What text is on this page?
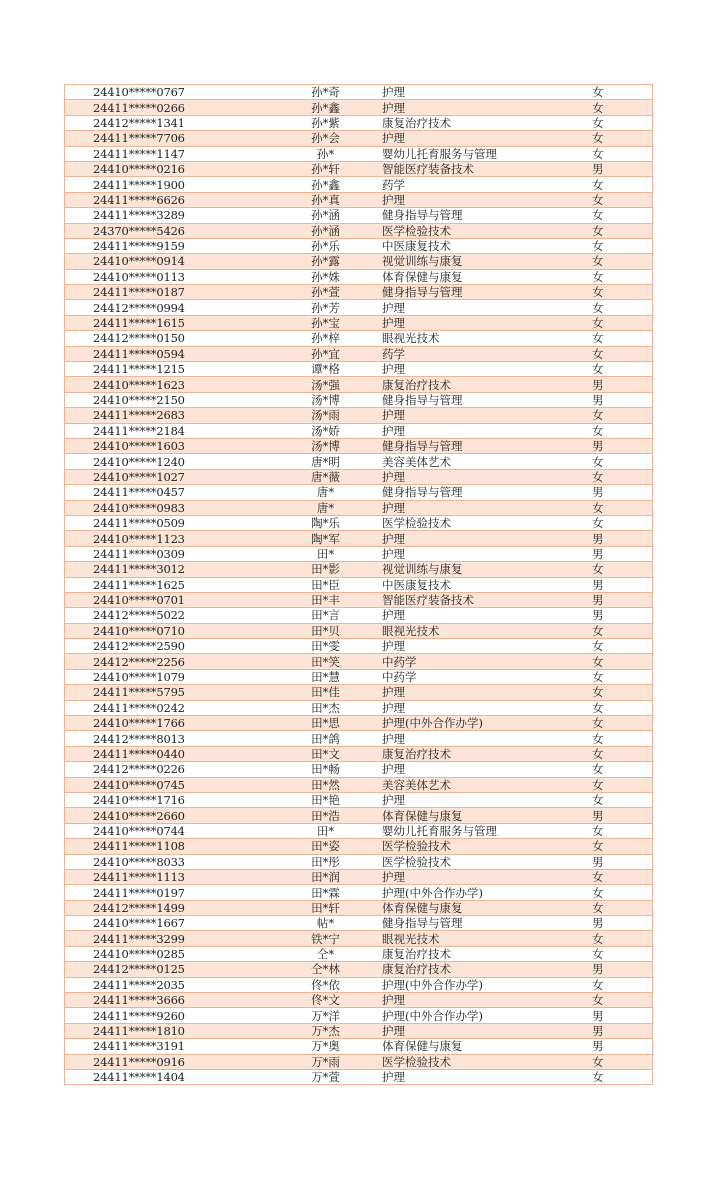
24410*****0767	孙*奇	护理	女
24411*****0266	孙*鑫	护理	女
24412*****1341	孙*紫	康复治疗技术	女
24411*****7706	孙*会	护理	女
24411*****1147	孙*	婴幼儿托育服务与管理	女
24410*****0216	孙*轩	智能医疗装备技术	男
24411*****1900	孙*鑫	药学	女
24411*****6626	孙*真	护理	女
24411*****3289	孙*涵	健身指导与管理	女
24370*****5426	孙*涵	医学检验技术	女
24411*****9159	孙*乐	中医康复技术	女
24410*****0914	孙*露	视觉训练与康复	女
24410*****0113	孙*姝	体育保健与康复	女
24411*****0187	孙*萱	健身指导与管理	女
24412*****0994	孙*芳	护理	女
24411*****1615	孙*宝	护理	女
24412*****0150	孙*梓	眼视光技术	女
24411*****0594	孙*宜	药学	女
24411*****1215	谭*格	护理	女
24410*****1623	汤*强	康复治疗技术	男
24410*****2150	汤*博	健身指导与管理	男
24411*****2683	汤*雨	护理	女
24411*****2184	汤*娇	护理	女
24410*****1603	汤*博	健身指导与管理	男
24410*****1240	唐*明	美容美体艺术	女
24410*****1027	唐*薇	护理	女
24411*****0457	唐*	健身指导与管理	男
24410*****0983	唐*	护理	女
24411*****0509	陶*乐	医学检验技术	女
24410*****1123	陶*军	护理	男
24411*****0309	田*	护理	男
24411*****3012	田*影	视觉训练与康复	女
24411*****1625	田*臣	中医康复技术	男
24410*****0701	田*丰	智能医疗装备技术	男
24412*****5022	田*言	护理	男
24410*****0710	田*贝	眼视光技术	女
24412*****2590	田*雯	护理	女
24412*****2256	田*笑	中药学	女
24410*****1079	田*慧	中药学	女
24411*****5795	田*佳	护理	女
24411*****0242	田*杰	护理	女
24410*****1766	田*思	护理(中外合作办学)	女
24412*****8013	田*鸽	护理	女
24411*****0440	田*文	康复治疗技术	女
24412*****0226	田*畅	护理	女
24410*****0745	田*然	美容美体艺术	女
24410*****1716	田*艳	护理	女
24410*****2660	田*浩	体育保健与康复	男
24410*****0744	田*	婴幼儿托育服务与管理	女
24411*****1108	田*姿	医学检验技术	女
24410*****8033	田*彤	医学检验技术	男
24411*****1113	田*润	护理	女
24411*****0197	田*霖	护理(中外合作办学)	女
24412*****1499	田*轩	体育保健与康复	女
24410*****1667	帖*	健身指导与管理	男
24411*****3299	铁*宁	眼视光技术	女
24410*****0285	仝*	康复治疗技术	女
24412*****0125	仝*林	康复治疗技术	男
24411*****2035	佟*依	护理(中外合作办学)	女
24411*****3666	佟*文	护理	女
24411*****9260	万*洋	护理(中外合作办学)	男
24411*****1810	万*杰	护理	男
24411*****3191	万*奥	体育保健与康复	男
24411*****0916	万*雨	医学检验技术	女
24411*****1404	万*萱	护理	女
